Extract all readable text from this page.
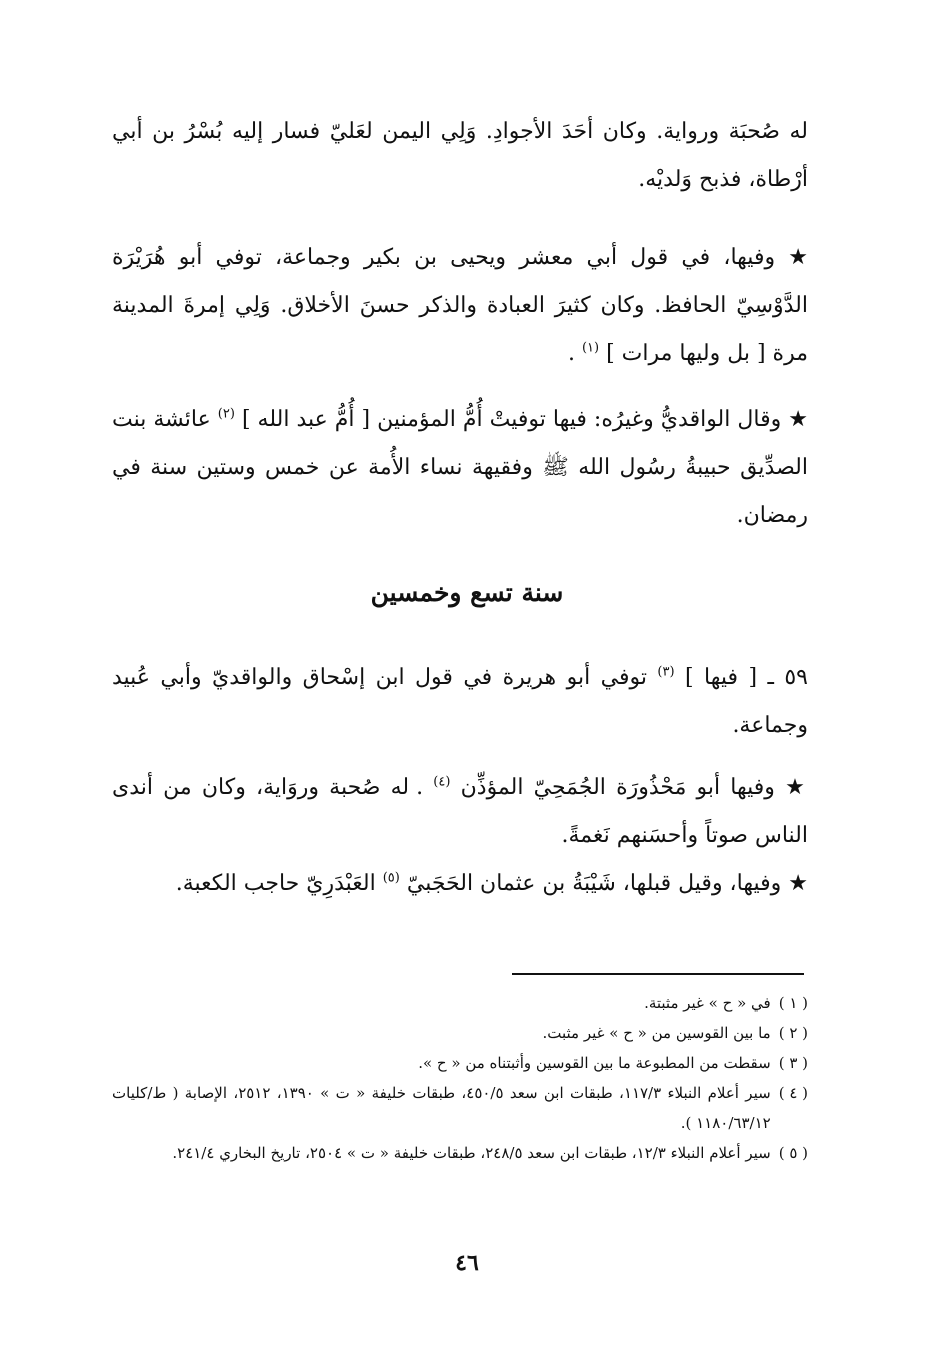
له صُحبَة ورواية. وكان أحَدَ الأجوادِ. وَلِي اليمن لعَليّ فسار إليه بُسْرُ بن أبي أرْطاة، فذبح وَلديْه.
★ وفيها، في قول أبي معشر ويحيى بن بكير وجماعة، توفي أبو هُرَيْرَة الدَّوْسِيّ الحافظ. وكان كثيرَ العبادة والذكر حسنَ الأخلاق. وَلِي إمرةَ المدينة مرة [ بل وليها مرات ] $^{(١)}$ .
★ وقال الواقديُّ وغيرُه: فيها توفيتْ أُمُّ المؤمنين [ أُمُّ عبد الله ] $^{(٢)}$ عائشة بنت الصدِّيق حبيبةُ رسُول الله ﷺ وفقيهة نساء الأُمة عن خمس وستين سنة في رمضان.
سنة تسع وخمسين
٥٩ ـ [ فيها ] $^{(٣)}$ توفي أبو هريرة في قول ابن إسْحاق والواقديّ وأبي عُبيد وجماعة.
★ وفيها أبو مَحْذُورَة الجُمَحِيّ المؤذِّن $^{(٤)}$ . له صُحبة وروَاية، وكان من أندى الناس صوتاً وأحسَنهم نَغمةً.
★ وفيها، وقيل قبلها، شَيْبَةُ بن عثمان الحَجَبيّ $^{(٥)}$ العَبْدَرِيّ حاجب الكعبة.
( ١ )
في « ح » غير مثبتة.
( ٢ )
ما بين القوسين من « ح » غير مثبت.
( ٣ )
سقطت من المطبوعة ما بين القوسين وأثبتناه من « ح ».
( ٤ )
سير أعلام النبلاء ١١٧/٣، طبقات ابن سعد ٤٥٠/٥، طبقات خليفة « ت » ١٣٩٠، ٢٥١٢، الإصابة ( ط/كليات ١١٨٠/٦٣/١٢ ).
( ٥ )
سير أعلام النبلاء ١٢/٣، طبقات ابن سعد ٢٤٨/٥، طبقات خليفة « ت » ٢٥٠٤، تاريخ البخاري ٢٤١/٤.
٤٦
